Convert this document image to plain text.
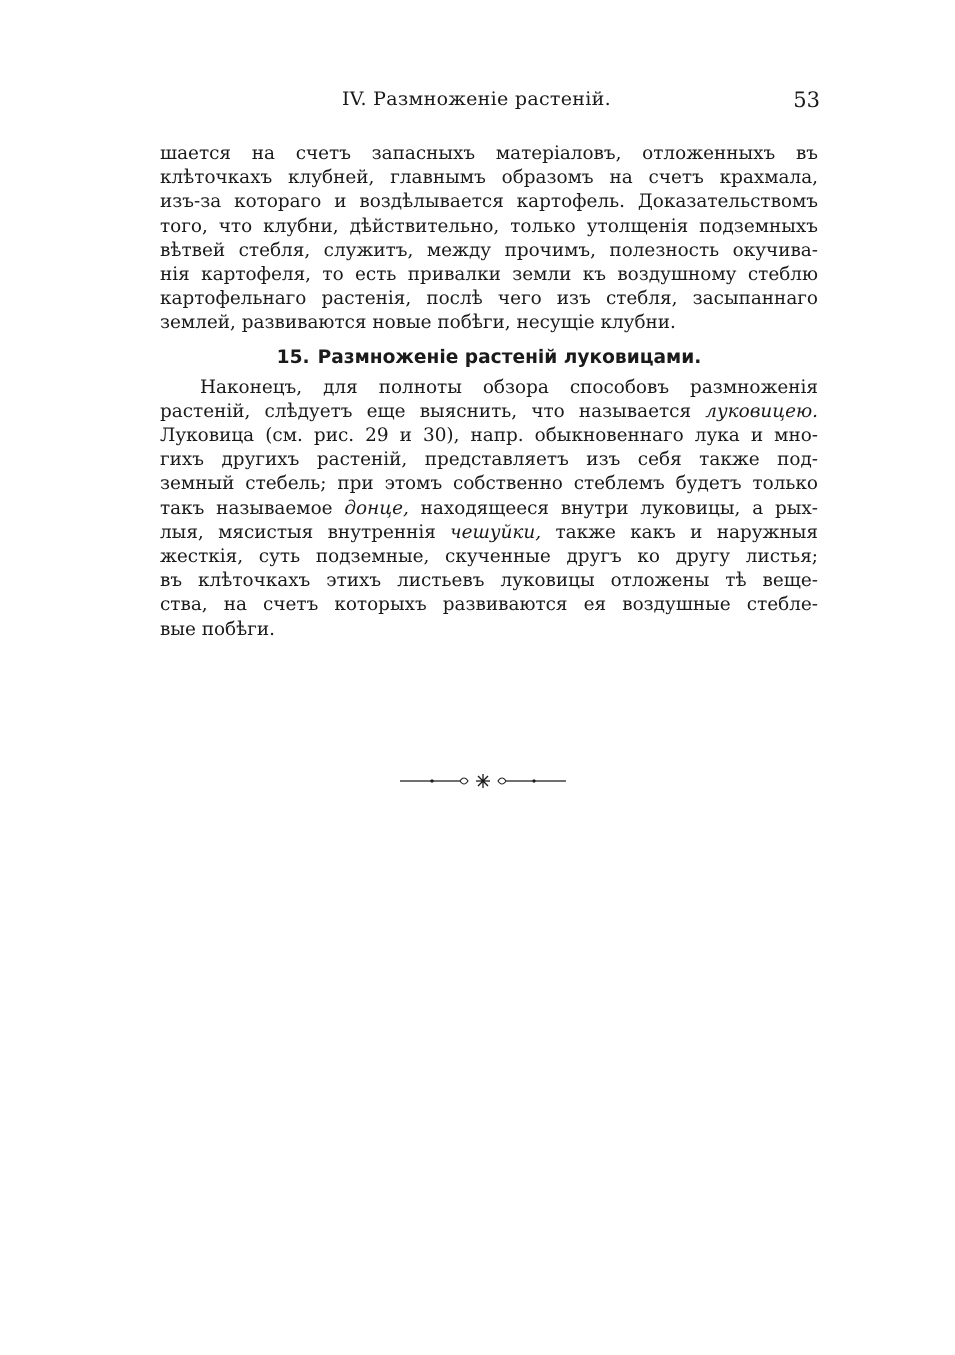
IV. Размноженіе растеній.	53
шается на счетъ запасныхъ матеріаловъ, отложенныхъ въ
клѣточкахъ клубней, главнымъ образомъ на счетъ крахмала,
изъ-за котораго и воздѣлывается картофель. Доказательствомъ
того, что клубни, дѣйствительно, только утолщенія подземныхъ
вѣтвей стебля, служитъ, между прочимъ, полезность окучива-
нія картофеля, то есть привалки земли къ воздушному стеблю
картофельнаго растенія, послѣ чего изъ стебля, засыпаннаго
землей, развиваются новые побѣги, несущіе клубни.
15. Размноженіе растеній луковицами.
Наконецъ, для полноты обзора способовъ размноженія
растеній, слѣдуетъ еще выяснить, что называется луковицею.
Луковица (см. рис. 29 и 30), напр. обыкновеннаго лука и мно-
гихъ другихъ растеній, представляетъ изъ себя также под-
земный стебель; при этомъ собственно стеблемъ будетъ только
такъ называемое донце, находящееся внутри луковицы, а рых-
лыя, мясистыя внутреннія чешуйки, также какъ и наружныя
жесткія, суть подземные, скученные другъ ко другу листья;
въ клѣточкахъ этихъ листьевъ луковицы отложены тѣ веще-
ства, на счетъ которыхъ развиваются ея воздушные стебле-
вые побѣги.
